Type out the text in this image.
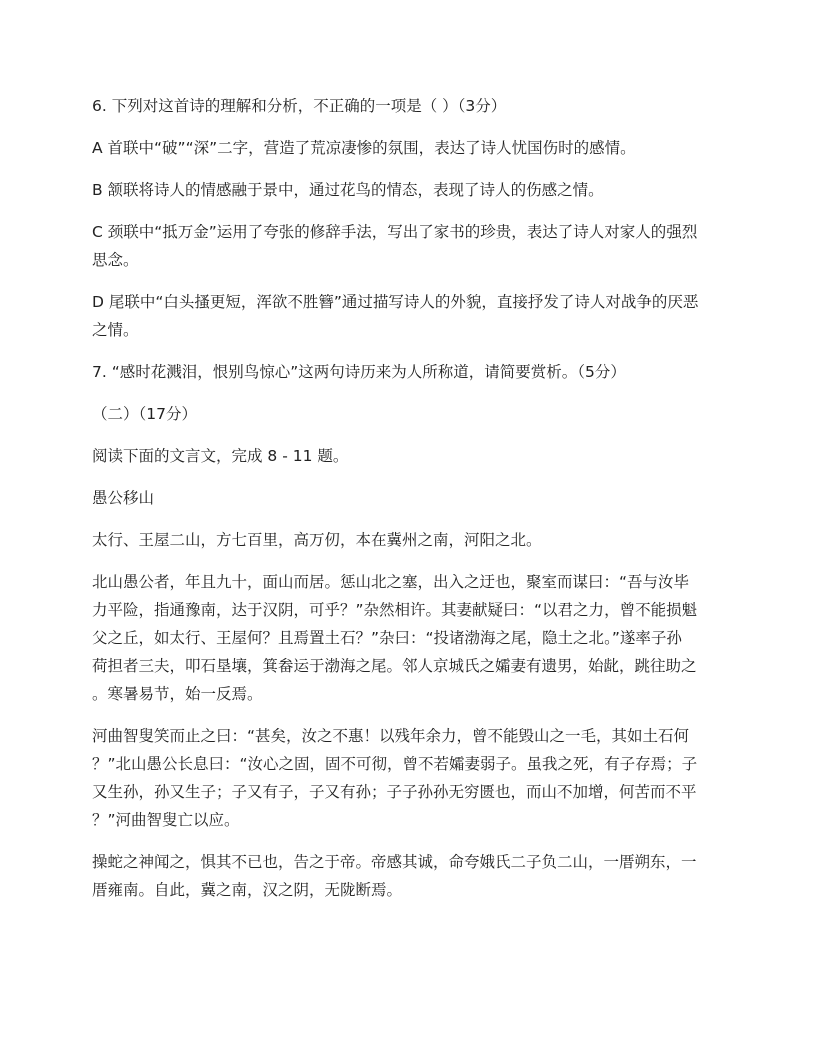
6. 下列对这首诗的理解和分析，不正确的一项是（ ）（3分）

A 首联中“破”“深”二字，营造了荒凉凄惨的氛围，表达了诗人忧国伤时的感情。

B 颔联将诗人的情感融于景中，通过花鸟的情态，表现了诗人的伤感之情。

C 颈联中“抵万金”运用了夸张的修辞手法，写出了家书的珍贵，表达了诗人对家人的强烈
思念。

D 尾联中“白头搔更短，浑欲不胜簪”通过描写诗人的外貌，直接抒发了诗人对战争的厌恶
之情。

7. “感时花溅泪，恨别鸟惊心”这两句诗历来为人所称道，请简要赏析。（5分）

（二）（17分）

阅读下面的文言文，完成 8 - 11 题。

愚公移山

太行、王屋二山，方七百里，高万仞，本在冀州之南，河阳之北。

北山愚公者，年且九十，面山而居。惩山北之塞，出入之迂也，聚室而谋曰：“吾与汝毕
力平险，指通豫南，达于汉阴，可乎？”杂然相许。其妻献疑曰：“以君之力，曾不能损魁
父之丘，如太行、王屋何？且焉置土石？”杂曰：“投诸渤海之尾，隐土之北。”遂率子孙
荷担者三夫，叩石垦壤，箕畚运于渤海之尾。邻人京城氏之孀妻有遗男，始龀，跳往助之
。寒暑易节，始一反焉。

河曲智叟笑而止之曰：“甚矣，汝之不惠！以残年余力，曾不能毁山之一毛，其如土石何
？”北山愚公长息曰：“汝心之固，固不可彻，曾不若孀妻弱子。虽我之死，有子存焉；子
又生孙，孙又生子；子又有子，子又有孙；子子孙孙无穷匮也，而山不加增，何苦而不平
？”河曲智叟亡以应。

操蛇之神闻之，惧其不已也，告之于帝。帝感其诚，命夸娥氏二子负二山，一厝朔东，一
厝雍南。自此，冀之南，汉之阴，无陇断焉。
